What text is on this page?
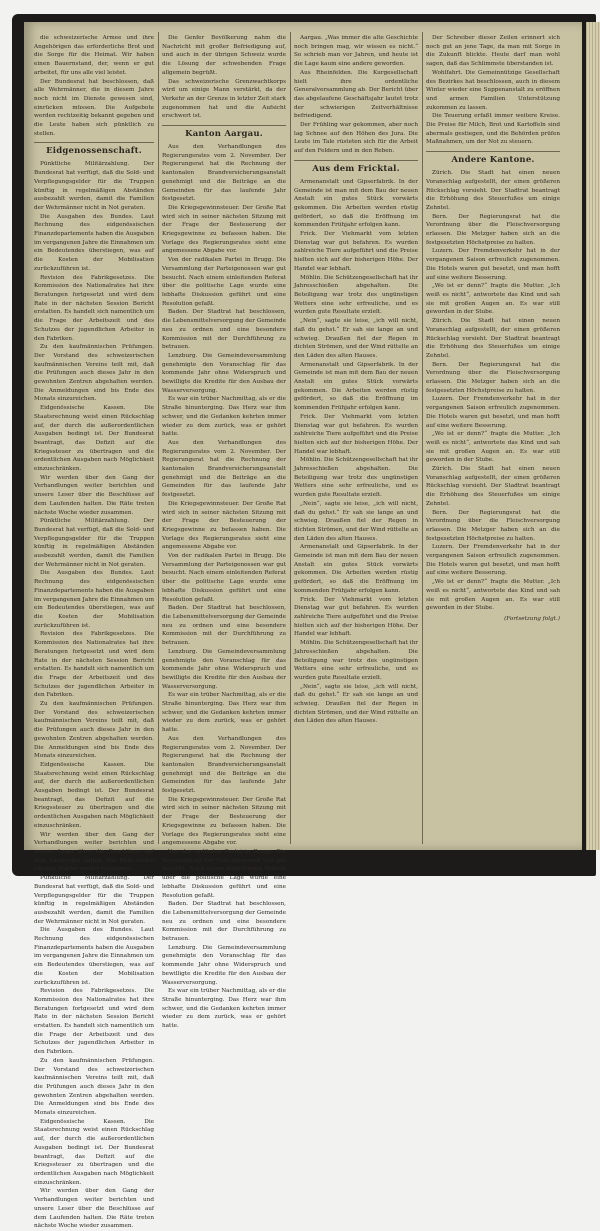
die schweizerische Armee und ihre Angehörigen das erforderliche Brot und die Sorge für die Heimat. Wir haben einen Bauernstand, der, wenn er gut arbeitet, für uns alle viel leistet.

Der Bundesrat hat beschlossen, daß alle Wehrmänner, die in diesem Jahre noch nicht im Dienste gewesen sind, einrücken müssen. Die Aufgebote werden rechtzeitig bekannt gegeben und die Leute haben sich pünktlich zu stellen.

Eidgenossenschaft.

Pünktliche Militärzahlung. Der Bundesrat hat verfügt, daß die Sold- und Verpflegungsgelder für die Truppen künftig in regelmäßigen Abständen ausbezahlt werden, damit die Familien der Wehrmänner nicht in Not geraten.

Die Ausgaben des Bundes. Laut Rechnung des eidgenössischen Finanzdepartements haben die Ausgaben im vergangenen Jahre die Einnahmen um ein Bedeutendes überstiegen, was auf die Kosten der Mobilisation zurückzuführen ist.

Revision des Fabrikgesetzes. Die Kommission des Nationalrates hat ihre Beratungen fortgesetzt und wird dem Rate in der nächsten Session Bericht erstatten. Es handelt sich namentlich um die Frage der Arbeitszeit und des Schutzes der jugendlichen Arbeiter in den Fabriken.

Zu den kaufmännischen Prüfungen. Der Vorstand des schweizerischen kaufmännischen Vereins teilt mit, daß die Prüfungen auch dieses Jahr in den gewohnten Zentren abgehalten werden. Die Anmeldungen sind bis Ende des Monats einzureichen.

Eidgenössische Kassen. Die Staatsrechnung weist einen Rückschlag auf, der durch die außerordentlichen Ausgaben bedingt ist. Der Bundesrat beantragt, das Defizit auf die Kriegssteuer zu übertragen und die ordentlichen Ausgaben nach Möglichkeit einzuschränken.

Wir werden über den Gang der Verhandlungen weiter berichten und unsere Leser über die Beschlüsse auf dem Laufenden halten. Die Räte treten nächste Woche wieder zusammen.

Pünktliche Militärzahlung. Der Bundesrat hat verfügt, daß die Sold- und Verpflegungsgelder für die Truppen künftig in regelmäßigen Abständen ausbezahlt werden, damit die Familien der Wehrmänner nicht in Not geraten.

Die Ausgaben des Bundes. Laut Rechnung des eidgenössischen Finanzdepartements haben die Ausgaben im vergangenen Jahre die Einnahmen um ein Bedeutendes überstiegen, was auf die Kosten der Mobilisation zurückzuführen ist.

Revision des Fabrikgesetzes. Die Kommission des Nationalrates hat ihre Beratungen fortgesetzt und wird dem Rate in der nächsten Session Bericht erstatten. Es handelt sich namentlich um die Frage der Arbeitszeit und des Schutzes der jugendlichen Arbeiter in den Fabriken.

Zu den kaufmännischen Prüfungen. Der Vorstand des schweizerischen kaufmännischen Vereins teilt mit, daß die Prüfungen auch dieses Jahr in den gewohnten Zentren abgehalten werden. Die Anmeldungen sind bis Ende des Monats einzureichen.

Eidgenössische Kassen. Die Staatsrechnung weist einen Rückschlag auf, der durch die außerordentlichen Ausgaben bedingt ist. Der Bundesrat beantragt, das Defizit auf die Kriegssteuer zu übertragen und die ordentlichen Ausgaben nach Möglichkeit einzuschränken.

Wir werden über den Gang der Verhandlungen weiter berichten und unsere Leser über die Beschlüsse auf dem Laufenden halten. Die Räte treten nächste Woche wieder zusammen.

Pünktliche Militärzahlung. Der Bundesrat hat verfügt, daß die Sold- und Verpflegungsgelder für die Truppen künftig in regelmäßigen Abständen ausbezahlt werden, damit die Familien der Wehrmänner nicht in Not geraten.

Die Ausgaben des Bundes. Laut Rechnung des eidgenössischen Finanzdepartements haben die Ausgaben im vergangenen Jahre die Einnahmen um ein Bedeutendes überstiegen, was auf die Kosten der Mobilisation zurückzuführen ist.

Revision des Fabrikgesetzes. Die Kommission des Nationalrates hat ihre Beratungen fortgesetzt und wird dem Rate in der nächsten Session Bericht erstatten. Es handelt sich namentlich um die Frage der Arbeitszeit und des Schutzes der jugendlichen Arbeiter in den Fabriken.

Zu den kaufmännischen Prüfungen. Der Vorstand des schweizerischen kaufmännischen Vereins teilt mit, daß die Prüfungen auch dieses Jahr in den gewohnten Zentren abgehalten werden. Die Anmeldungen sind bis Ende des Monats einzureichen.

Eidgenössische Kassen. Die Staatsrechnung weist einen Rückschlag auf, der durch die außerordentlichen Ausgaben bedingt ist. Der Bundesrat beantragt, das Defizit auf die Kriegssteuer zu übertragen und die ordentlichen Ausgaben nach Möglichkeit einzuschränken.

Wir werden über den Gang der Verhandlungen weiter berichten und unsere Leser über die Beschlüsse auf dem Laufenden halten. Die Räte treten nächste Woche wieder zusammen.

Die Genfer Bevölkerung nahm die Nachricht mit großer Befriedigung auf, und auch in der übrigen Schweiz wurde die Lösung der schwebenden Frage allgemein begrüßt.

Das schweizerische Grenzwachtkorps wird um einige Mann verstärkt, da der Verkehr an der Grenze in letzter Zeit stark zugenommen hat und die Aufsicht erschwert ist.

Kanton Aargau.

Aus den Verhandlungen des Regierungsrates vom 2. November. Der Regierungsrat hat die Rechnung der kantonalen Brandversicherungsanstalt genehmigt und die Beiträge an die Gemeinden für das laufende Jahr festgesetzt.

Die Kriegsgewinnsteuer. Der Große Rat wird sich in seiner nächsten Sitzung mit der Frage der Besteuerung der Kriegsgewinne zu befassen haben. Die Vorlage des Regierungsrates sieht eine angemessene Abgabe vor.

Von der radikalen Partei in Brugg. Die Versammlung der Parteigenossen war gut besucht. Nach einem einleitenden Referat über die politische Lage wurde eine lebhafte Diskussion geführt und eine Resolution gefaßt.

Baden. Der Stadtrat hat beschlossen, die Lebensmittelversorgung der Gemeinde neu zu ordnen und eine besondere Kommission mit der Durchführung zu betrauen.

Lenzburg. Die Gemeindeversammlung genehmigte den Voranschlag für das kommende Jahr ohne Widerspruch und bewilligte die Kredite für den Ausbau der Wasserversorgung.

Es war ein trüber Nachmittag, als er die Straße hinunterging. Das Herz war ihm schwer, und die Gedanken kehrten immer wieder zu dem zurück, was er gehört hatte.

Aus den Verhandlungen des Regierungsrates vom 2. November. Der Regierungsrat hat die Rechnung der kantonalen Brandversicherungsanstalt genehmigt und die Beiträge an die Gemeinden für das laufende Jahr festgesetzt.

Die Kriegsgewinnsteuer. Der Große Rat wird sich in seiner nächsten Sitzung mit der Frage der Besteuerung der Kriegsgewinne zu befassen haben. Die Vorlage des Regierungsrates sieht eine angemessene Abgabe vor.

Von der radikalen Partei in Brugg. Die Versammlung der Parteigenossen war gut besucht. Nach einem einleitenden Referat über die politische Lage wurde eine lebhafte Diskussion geführt und eine Resolution gefaßt.

Baden. Der Stadtrat hat beschlossen, die Lebensmittelversorgung der Gemeinde neu zu ordnen und eine besondere Kommission mit der Durchführung zu betrauen.

Lenzburg. Die Gemeindeversammlung genehmigte den Voranschlag für das kommende Jahr ohne Widerspruch und bewilligte die Kredite für den Ausbau der Wasserversorgung.

Es war ein trüber Nachmittag, als er die Straße hinunterging. Das Herz war ihm schwer, und die Gedanken kehrten immer wieder zu dem zurück, was er gehört hatte.

Aus den Verhandlungen des Regierungsrates vom 2. November. Der Regierungsrat hat die Rechnung der kantonalen Brandversicherungsanstalt genehmigt und die Beiträge an die Gemeinden für das laufende Jahr festgesetzt.

Die Kriegsgewinnsteuer. Der Große Rat wird sich in seiner nächsten Sitzung mit der Frage der Besteuerung der Kriegsgewinne zu befassen haben. Die Vorlage des Regierungsrates sieht eine angemessene Abgabe vor.

Von der radikalen Partei in Brugg. Die Versammlung der Parteigenossen war gut besucht. Nach einem einleitenden Referat über die politische Lage wurde eine lebhafte Diskussion geführt und eine Resolution gefaßt.

Baden. Der Stadtrat hat beschlossen, die Lebensmittelversorgung der Gemeinde neu zu ordnen und eine besondere Kommission mit der Durchführung zu betrauen.

Lenzburg. Die Gemeindeversammlung genehmigte den Voranschlag für das kommende Jahr ohne Widerspruch und bewilligte die Kredite für den Ausbau der Wasserversorgung.

Es war ein trüber Nachmittag, als er die Straße hinunterging. Das Herz war ihm schwer, und die Gedanken kehrten immer wieder zu dem zurück, was er gehört hatte.

Aargau. „Was immer die alte Geschichte noch bringen mag, wir wissen es nicht.“ So schrieb man vor Jahren, und heute ist die Lage kaum eine andere geworden.

Aus Rheinfelden. Die Kurgesellschaft hielt ihre ordentliche Generalversammlung ab. Der Bericht über das abgelaufene Geschäftsjahr lautet trotz der schwierigen Zeitverhältnisse befriedigend.

Der Frühling war gekommen, aber noch lag Schnee auf den Höhen des Jura. Die Leute im Tale rüsteten sich für die Arbeit auf den Feldern und in den Reben.

Aus dem Fricktal.

Armenanstalt und Gipserfabrik. In der Gemeinde ist man mit dem Bau der neuen Anstalt ein gutes Stück vorwärts gekommen. Die Arbeiten werden rüstig gefördert, so daß die Eröffnung im kommenden Frühjahr erfolgen kann.

Frick. Der Viehmarkt vom letzten Dienstag war gut befahren. Es wurden zahlreiche Tiere aufgeführt und die Preise hielten sich auf der bisherigen Höhe. Der Handel war lebhaft.

Möhlin. Die Schützengesellschaft hat ihr Jahresschießen abgehalten. Die Beteiligung war trotz des ungünstigen Wetters eine sehr erfreuliche, und es wurden gute Resultate erzielt.

„Nein“, sagte sie leise, „ich will nicht, daß du gehst.“ Er sah sie lange an und schwieg. Draußen fiel der Regen in dichten Strömen, und der Wind rüttelte an den Läden des alten Hauses.

Armenanstalt und Gipserfabrik. In der Gemeinde ist man mit dem Bau der neuen Anstalt ein gutes Stück vorwärts gekommen. Die Arbeiten werden rüstig gefördert, so daß die Eröffnung im kommenden Frühjahr erfolgen kann.

Frick. Der Viehmarkt vom letzten Dienstag war gut befahren. Es wurden zahlreiche Tiere aufgeführt und die Preise hielten sich auf der bisherigen Höhe. Der Handel war lebhaft.

Möhlin. Die Schützengesellschaft hat ihr Jahresschießen abgehalten. Die Beteiligung war trotz des ungünstigen Wetters eine sehr erfreuliche, und es wurden gute Resultate erzielt.

„Nein“, sagte sie leise, „ich will nicht, daß du gehst.“ Er sah sie lange an und schwieg. Draußen fiel der Regen in dichten Strömen, und der Wind rüttelte an den Läden des alten Hauses.

Armenanstalt und Gipserfabrik. In der Gemeinde ist man mit dem Bau der neuen Anstalt ein gutes Stück vorwärts gekommen. Die Arbeiten werden rüstig gefördert, so daß die Eröffnung im kommenden Frühjahr erfolgen kann.

Frick. Der Viehmarkt vom letzten Dienstag war gut befahren. Es wurden zahlreiche Tiere aufgeführt und die Preise hielten sich auf der bisherigen Höhe. Der Handel war lebhaft.

Möhlin. Die Schützengesellschaft hat ihr Jahresschießen abgehalten. Die Beteiligung war trotz des ungünstigen Wetters eine sehr erfreuliche, und es wurden gute Resultate erzielt.

„Nein“, sagte sie leise, „ich will nicht, daß du gehst.“ Er sah sie lange an und schwieg. Draußen fiel der Regen in dichten Strömen, und der Wind rüttelte an den Läden des alten Hauses.

Der Schreiber dieser Zeilen erinnert sich noch gut an jene Tage, da man mit Sorge in die Zukunft blickte. Heute darf man wohl sagen, daß das Schlimmste überstanden ist.

Wohlfahrt. Die Gemeinnützige Gesellschaft des Bezirkes hat beschlossen, auch in diesem Winter wieder eine Suppenanstalt zu eröffnen und armen Familien Unterstützung zukommen zu lassen.

Die Teuerung erfaßt immer weitere Kreise. Die Preise für Milch, Brot und Kartoffeln sind abermals gestiegen, und die Behörden prüfen Maßnahmen, um der Not zu steuern.

Andere Kantone.

Zürich. Die Stadt hat einen neuen Voranschlag aufgestellt, der einen größeren Rückschlag vorsieht. Der Stadtrat beantragt die Erhöhung des Steuerfußes um einige Zehntel.

Bern. Der Regierungsrat hat die Verordnung über die Fleischversorgung erlassen. Die Metzger haben sich an die festgesetzten Höchstpreise zu halten.

Luzern. Der Fremdenverkehr hat in der vergangenen Saison erfreulich zugenommen. Die Hotels waren gut besetzt, und man hofft auf eine weitere Besserung.

„Wo ist er denn?“ fragte die Mutter. „Ich weiß es nicht“, antwortete das Kind und sah sie mit großen Augen an. Es war still geworden in der Stube.

Zürich. Die Stadt hat einen neuen Voranschlag aufgestellt, der einen größeren Rückschlag vorsieht. Der Stadtrat beantragt die Erhöhung des Steuerfußes um einige Zehntel.

Bern. Der Regierungsrat hat die Verordnung über die Fleischversorgung erlassen. Die Metzger haben sich an die festgesetzten Höchstpreise zu halten.

Luzern. Der Fremdenverkehr hat in der vergangenen Saison erfreulich zugenommen. Die Hotels waren gut besetzt, und man hofft auf eine weitere Besserung.

„Wo ist er denn?“ fragte die Mutter. „Ich weiß es nicht“, antwortete das Kind und sah sie mit großen Augen an. Es war still geworden in der Stube.

Zürich. Die Stadt hat einen neuen Voranschlag aufgestellt, der einen größeren Rückschlag vorsieht. Der Stadtrat beantragt die Erhöhung des Steuerfußes um einige Zehntel.

Bern. Der Regierungsrat hat die Verordnung über die Fleischversorgung erlassen. Die Metzger haben sich an die festgesetzten Höchstpreise zu halten.

Luzern. Der Fremdenverkehr hat in der vergangenen Saison erfreulich zugenommen. Die Hotels waren gut besetzt, und man hofft auf eine weitere Besserung.

„Wo ist er denn?“ fragte die Mutter. „Ich weiß es nicht“, antwortete das Kind und sah sie mit großen Augen an. Es war still geworden in der Stube.

(Fortsetzung folgt.)
